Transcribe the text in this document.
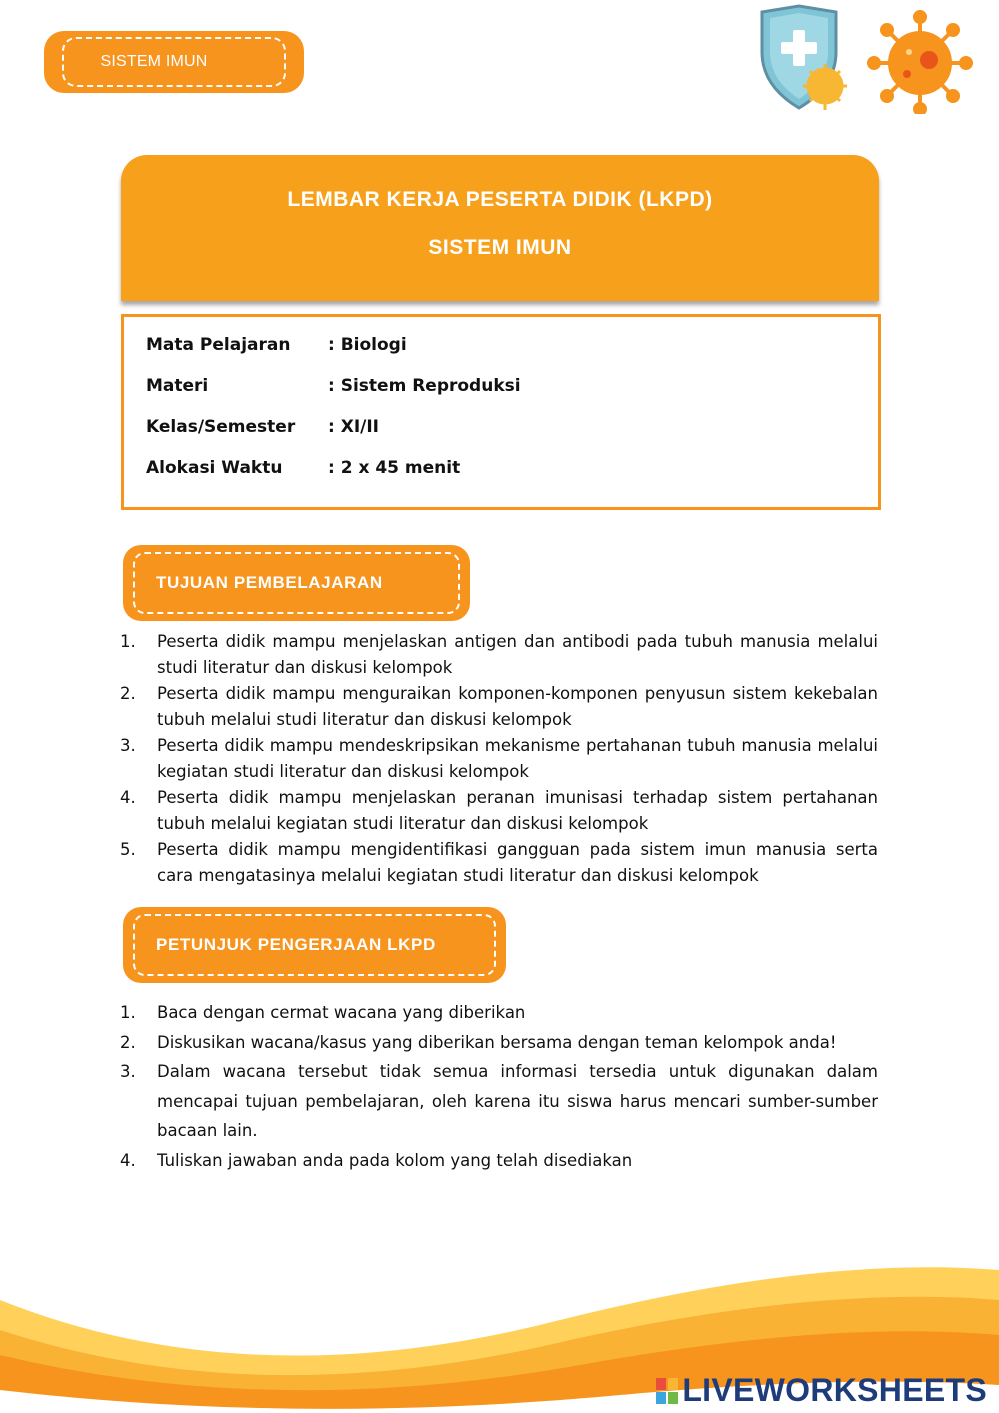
SISTEM IMUN
LEMBAR KERJA PESERTA DIDIK (LKPD)
SISTEM IMUN
Mata Pelajaran : Biologi
Materi	: Sistem Reproduksi
Kelas/Semester : XI/II
Alokasi Waktu	: 2 x 45 menit
TUJUAN PEMBELAJARAN
1. Peserta didik mampu menjelaskan antigen dan antibodi pada tubuh manusia melalui studi literatur dan diskusi kelompok
2. Peserta didik mampu menguraikan komponen-komponen penyusun sistem kekebalan tubuh melalui studi literatur dan diskusi kelompok
3. Peserta didik mampu mendeskripsikan mekanisme pertahanan tubuh manusia melalui kegiatan studi literatur dan diskusi kelompok
4. Peserta didik mampu menjelaskan peranan imunisasi terhadap sistem pertahanan tubuh melalui kegiatan studi literatur dan diskusi kelompok
5. Peserta didik mampu mengidentifikasi gangguan pada sistem imun manusia serta cara mengatasinya melalui kegiatan studi literatur dan diskusi kelompok
PETUNJUK PENGERJAAN LKPD
1. Baca dengan cermat wacana yang diberikan
2. Diskusikan wacana/kasus yang diberikan bersama dengan teman kelompok anda!
3. Dalam wacana tersebut tidak semua informasi tersedia untuk digunakan dalam mencapai tujuan pembelajaran, oleh karena itu siswa harus mencari sumber-sumber bacaan lain.
4. Tuliskan jawaban anda pada kolom yang telah disediakan
LIVEWORKSHEETS
